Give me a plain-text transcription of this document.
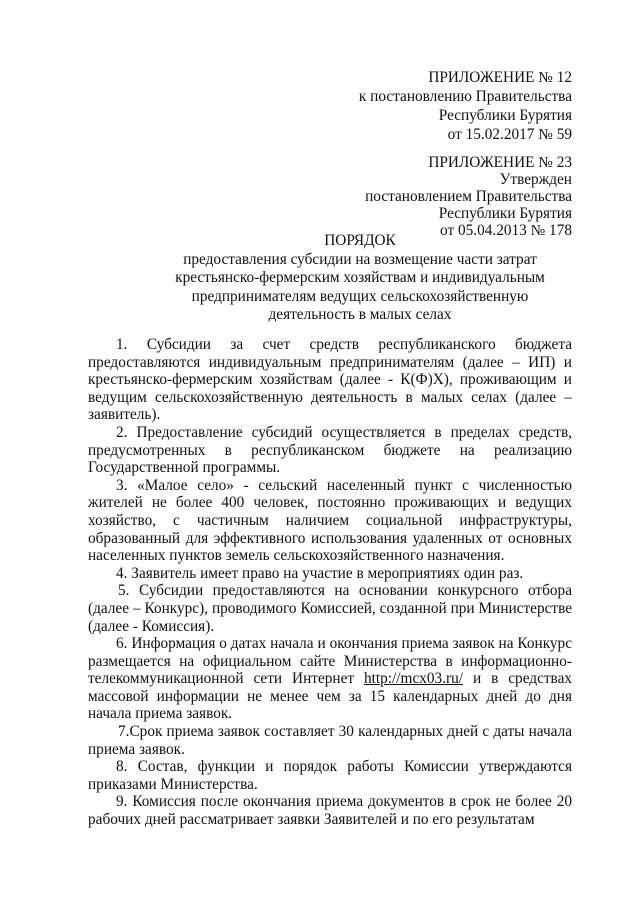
ПРИЛОЖЕНИЕ № 12
к постановлению Правительства
Республики Бурятия
от 15.02.2017 № 59
ПРИЛОЖЕНИЕ № 23
Утвержден
постановлением Правительства
Республики Бурятия
от 05.04.2013 № 178
ПОРЯДОК
предоставления субсидии на возмещение части затрат
крестьянско-фермерским хозяйствам и индивидуальным
предпринимателям ведущих сельскохозяйственную
деятельность в малых селах

1. Субсидии за счет средств республиканского бюджета предоставляются индивидуальным предпринимателям (далее – ИП) и крестьянско-фермерским хозяйствам (далее - К(Ф)Х), проживающим и ведущим сельскохозяйственную деятельность в малых селах (далее – заявитель).

2. Предоставление субсидий осуществляется в пределах средств, предусмотренных в республиканском бюджете на реализацию Государственной программы.

3. «Малое село» - сельский населенный пункт с численностью жителей не более 400 человек, постоянно проживающих и ведущих хозяйство, с частичным наличием социальной инфраструктуры, образованный для эффективного использования удаленных от основных населенных пунктов земель сельскохозяйственного назначения.

4. Заявитель имеет право на участие в мероприятиях один раз.

5. Субсидии предоставляются на основании конкурсного отбора (далее – Конкурс), проводимого Комиссией, созданной при Министерстве (далее - Комиссия).

6. Информация о датах начала и окончания приема заявок на Конкурс размещается на официальном сайте Министерства в информационно-телекоммуникационной сети Интернет http://mcx03.ru/ и в средствах массовой информации не менее чем за 15 календарных дней до дня начала приема заявок.

7.Срок приема заявок составляет 30 календарных дней с даты начала приема заявок.

8. Состав, функции и порядок работы Комиссии утверждаются приказами Министерства.

9. Комиссия после окончания приема документов в срок не более 20 рабочих дней рассматривает заявки Заявителей и по его результатам
